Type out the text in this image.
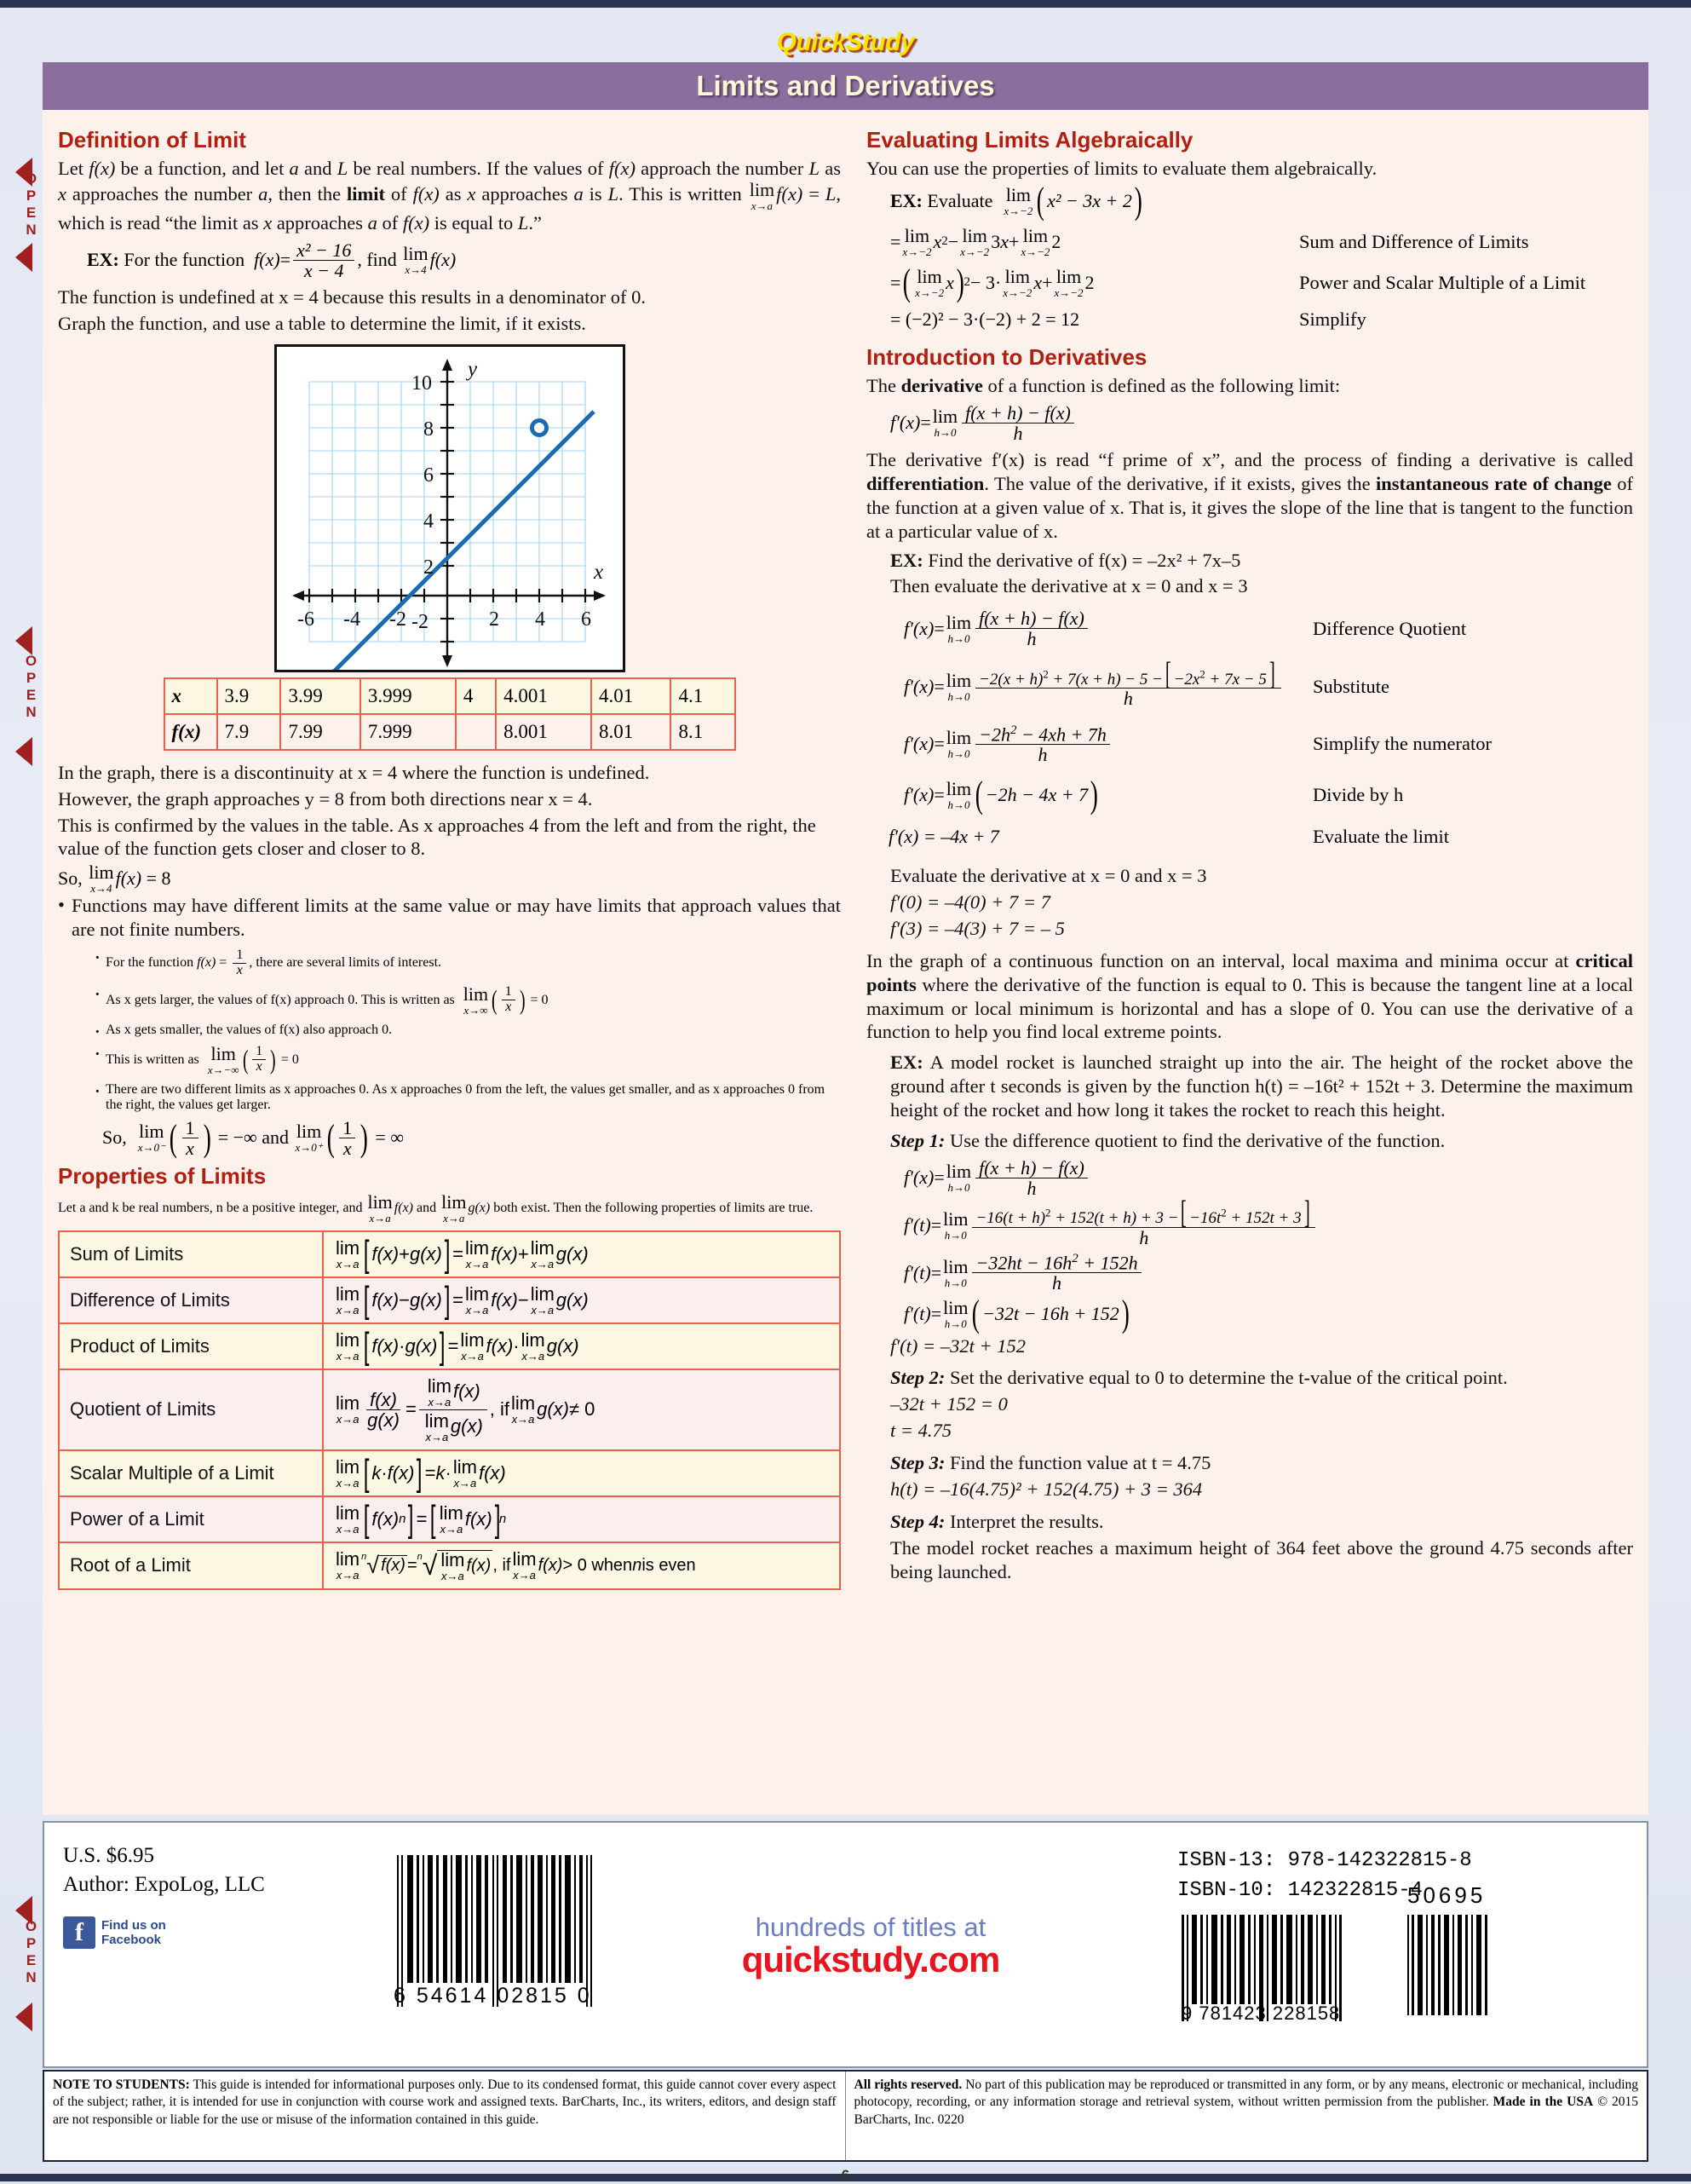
OPEN
OPEN
OPEN
QuickStudy
Limits and Derivatives
Definition of Limit

Let f(x) be a function, and let a and L be real numbers. If the values of f(x) approach the number L as x approaches the number a, then the limit of f(x) as x approaches a is L. This is written lim
x→a
f(x) = L, which is read “the limit as x approaches a of f(x) is equal to L.”

EX:
For the function
$f(x) = \frac{\text{x² − 16}}{x - 4}$ , find
lim
x→4 f(x)

The function is undefined at x = 4 because this results in a denominator of 0.

Graph the function, and use a table to determine the limit, if it exists.

y
x
-6 -4 -2	2 4 6
10
8
6
4
2
-2
x	3.9	3.99	3.999	4	4.001	4.01	4.1
f(x)	7.9	7.99	7.999		8.001	8.01	8.1

In the graph, there is a discontinuity at x = 4 where the function is undefined.

However, the graph approaches y = 8 from both directions near x = 4.

This is confirmed by the values in the table. As x approaches 4 from the left and from the right, the value of the function gets closer and closer to 8.

So,
lim
x→4 f(x)
= 8

• Functions may have different limits at the same value or may have limits that approach values that are not finite numbers.

· For the function $f(x) = \frac{1}{x}$ , there are several limits of interest.
· As x gets larger, the values of f(x) approach 0. This is written as
lim
x→∞ ( $\frac{1}{x}$ )
= 0
· As x gets smaller, the values of f(x) also approach 0.
· This is written as
lim
x→−∞ ( $\frac{1}{x}$ )
= 0
· There are two different limits as x approaches 0. As x approaches 0 from the left, the values get smaller, and as x approaches 0 from the right, the values get larger.
So,
lim
x→0⁻ ( $\frac{1}{x}$ )
= −∞
and
lim
x→0⁺ ( $\frac{1}{x}$ )
= ∞
Properties of Limits
Let a and k be real numbers, n be a positive integer, and
lim
x→a
f(x)
and
lim
x→a
g(x)
both exist. Then the following properties of limits are true.
Sum of Limits	lim
x→a [ f(x) + g(x) ] = lim
x→a f(x) + lim
x→a g(x)

Difference of Limits	lim
x→a [ f(x) − g(x) ] = lim
x→a f(x) − lim
x→a g(x)

Product of Limits	lim
x→a [ f(x) · g(x) ] = lim
x→a f(x) · lim
x→a g(x)

Quotient of Limits	lim
$x\to a \frac{f(x)}{g(x)} = \lim$
x→a
f(x)
lim
x→a
g(x) , if lim
x→a g(x) ≠ 0

Scalar Multiple of a Limit	lim
x→a [ k · f(x) ] = k · lim
x→a f(x)

Power of a Limit	lim
x→a [ f(x) n ] = [ lim
x→a f(x) ]
n

Root of a Limit	lim
x→a
n √ f(x) = n √ lim
x→a
f(x) , if lim
x→a
f(x) > 0 when n is even
Evaluating Limits Algebraically

You can use the properties of limits to evaluate them algebraically.

EX:
Evaluate
lim
x→−2 ( x² − 3x + 2 )
= lim
x→−2 x 2 − lim
x→−2 3 x + lim
x→−2 2	Sum and Difference of Limits
= ( lim
x→−2 x ) 2 − 3· lim
x→−2 x + lim
x→−2 2	Power and Scalar Multiple of a Limit
= (−2)² − 3·(−2) + 2 = 12	Simplify
Introduction to Derivatives

The derivative of a function is defined as the following limit:

f′(x) = lim
$h\to 0 \frac{f(x + h) - f(x)}{h}$

The derivative f′(x) is read “f prime of x”, and the process of finding a derivative is called differentiation. The value of the derivative, if it exists, gives the instantaneous rate of change of the function at a given value of x. That is, it gives the slope of the line that is tangent to the function at a particular value of x.

EX: Find the derivative of f(x) = –2x² + 7x–5

Then evaluate the derivative at x = 0 and x = 3

f′(x) = lim
$h\to 0 \frac{f(x + h) - f(x)}{h}$	Difference Quotient
f′(x) = lim
$h\to 0 \frac{-2(x + h)^2 + 7(x + h) - 5 -[ -2x^2 + 7x - 5]}{h}$ Substitute
f′(x) = lim
$h\to 0 \frac{-2h^2 - 4xh + 7h}{h}$	Simplify the numerator
f′(x) = lim
h→0 ( −2h − 4x + 7 )	Divide by h
f′(x) = –4x + 7	Evaluate the limit

Evaluate the derivative at x = 0 and x = 3

f′(0) = –4(0) + 7 = 7

f′(3) = –4(3) + 7 = – 5

In the graph of a continuous function on an interval, local maxima and minima occur at critical points where the derivative of the function is equal to 0. This is because the tangent line at a local maximum or local minimum is horizontal and has a slope of 0. You can use the derivative of a function to help you find local extreme points.

EX: A model rocket is launched straight up into the air. The height of the rocket above the ground after t seconds is given by the function h(t) = –16t² + 152t + 3. Determine the maximum height of the rocket and how long it takes the rocket to reach this height.

Step 1: Use the difference quotient to find the derivative of the function.

f′(x) = lim
$h\to 0 \frac{f(x + h) - f(x)}{h}$
f′(t) = lim
$h\to 0 \frac{-16(t + h)^2 + 152(t + h) + 3 -[ -16t^2 + 152t + 3]}{h}$
f′(t) = lim
$h\to 0 \frac{-32ht - 16h^2 + 152h}{h}$
f′(t) = lim
h→0 ( −32t − 16h + 152 )

f′(t) = –32t + 152

Step 2: Set the derivative equal to 0 to determine the t-value of the critical point.

–32t + 152 = 0

t = 4.75

Step 3: Find the function value at t = 4.75

h(t) = –16(4.75)² + 152(4.75) + 3 = 364

Step 4: Interpret the results.

The model rocket reaches a maximum height of 364 feet above the ground 4.75 seconds after being launched.

U.S. $6.95
Author: ExpoLog, LLC
f	Find us on
Facebook
6 54614 02815 0
hundreds of titles at
quickstudy.com
ISBN-13: 978-142322815-8
ISBN-10: 142322815-4
9 781423 228158
50695
NOTE TO STUDENTS: This guide is intended for informational purposes only. Due to its condensed format, this guide cannot cover every aspect of the subject; rather, it is intended for use in conjunction with course work and assigned texts. BarCharts, Inc., its writers, editors, and design staff are not responsible or liable for the use or misuse of the information contained in this guide.
All rights reserved. No part of this publication may be reproduced or transmitted in any form, or by any means, electronic or mechanical, including photocopy, recording, or any information storage and retrieval system, without written permission from the publisher. Made in the USA © 2015 BarCharts, Inc. 0220
6
